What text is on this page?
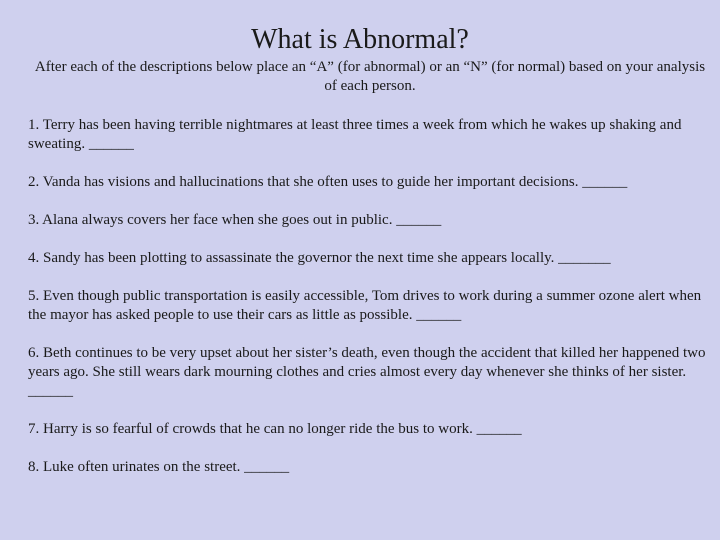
What is Abnormal?
After each of the descriptions below place an “A” (for abnormal) or an “N” (for normal) based on your analysis of each person.

1. Terry has been having terrible nightmares at least three times a week from which he wakes up shaking and sweating. ______

2. Vanda has visions and hallucinations that she often uses to guide her important decisions. ______

3. Alana always covers her face when she goes out in public. ______

4. Sandy has been plotting to assassinate the governor the next time she appears locally. _______

5. Even though public transportation is easily accessible, Tom drives to work during a summer ozone alert when the mayor has asked people to use their cars as little as possible. ______

6. Beth continues to be very upset about her sister’s death, even though the accident that killed her happened two years ago. She still wears dark mourning clothes and cries almost every day whenever she thinks of her sister. ______

7. Harry is so fearful of crowds that he can no longer ride the bus to work. ______

8. Luke often urinates on the street. ______
